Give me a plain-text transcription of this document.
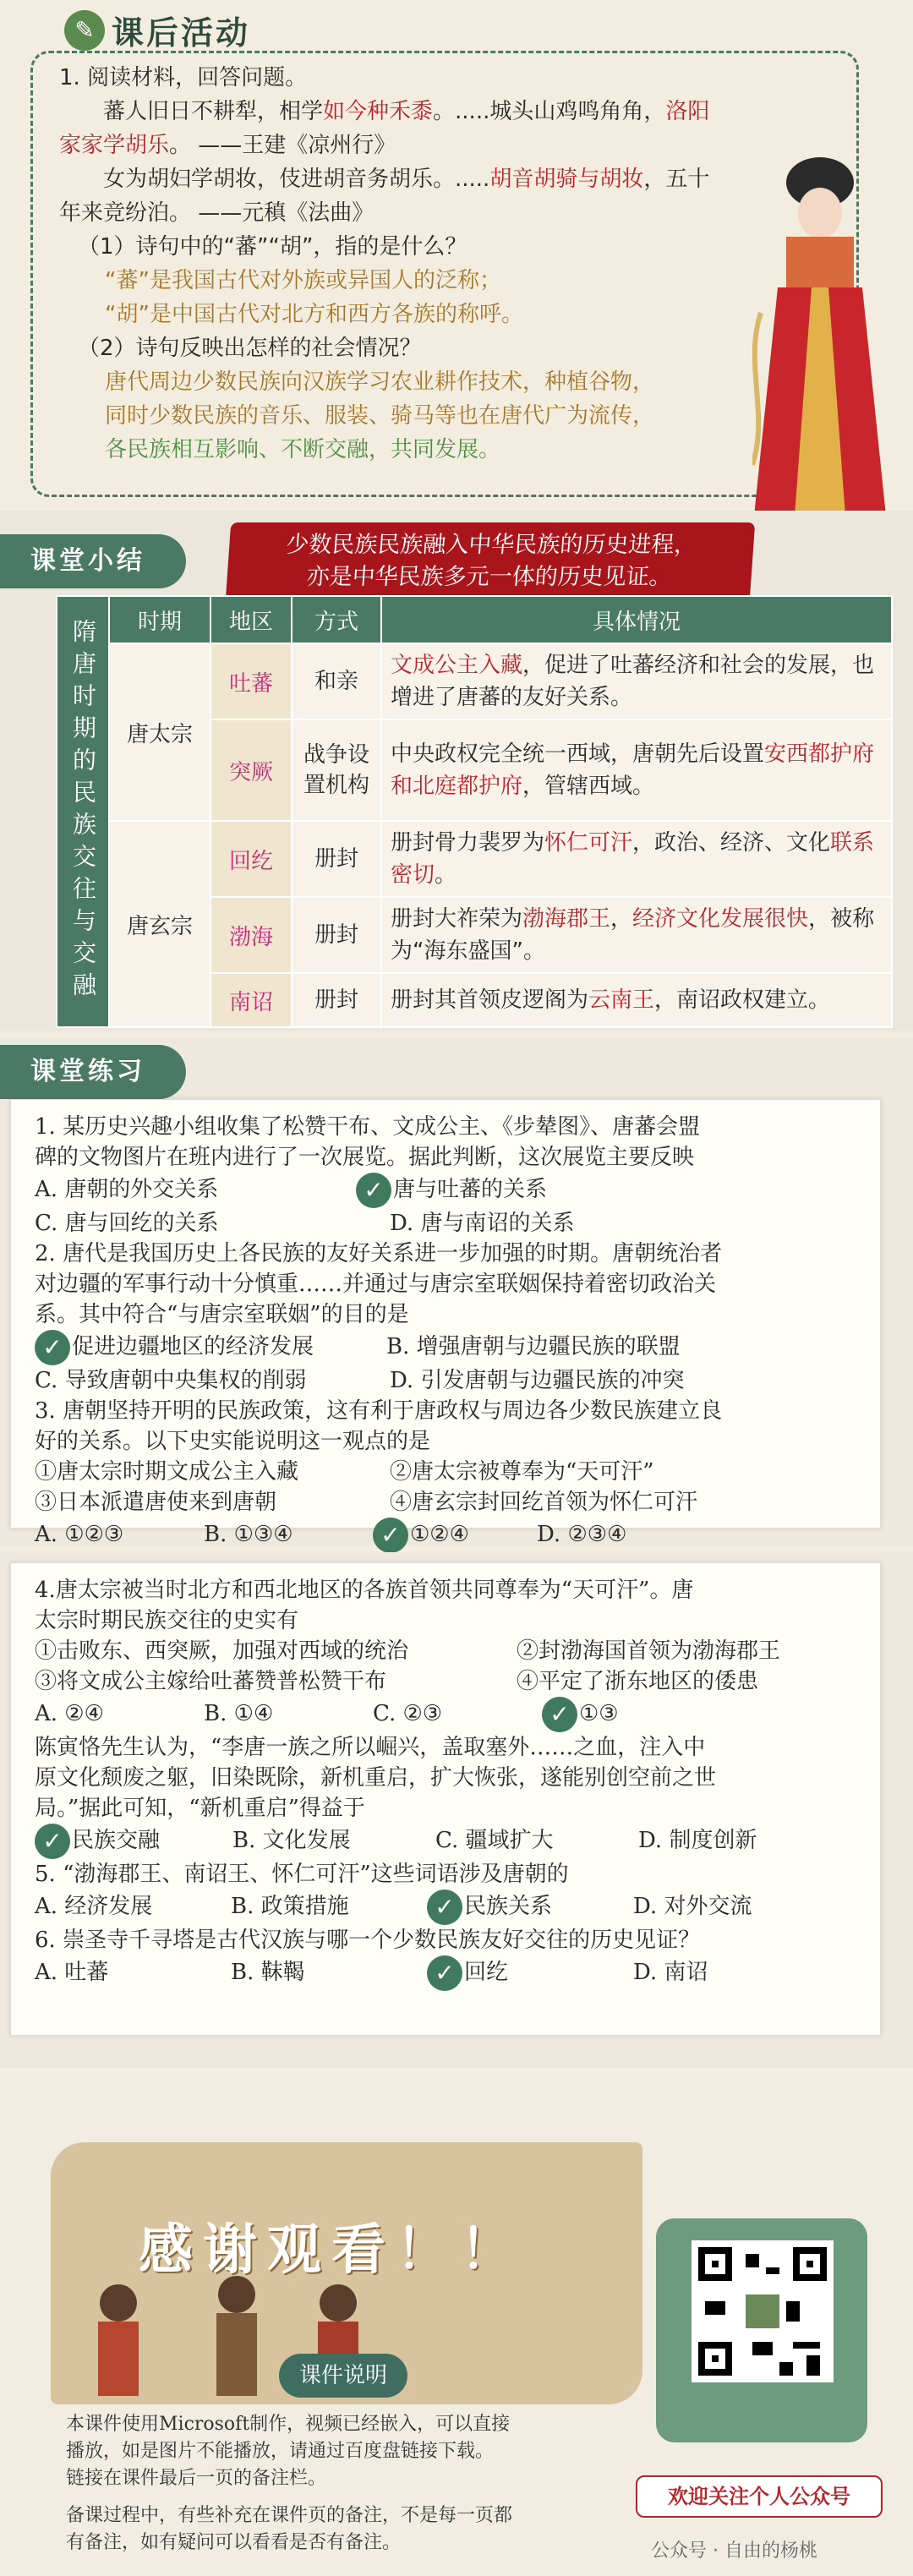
✎ 课后活动

1. 阅读材料，回答问题。

蕃人旧日不耕犁，相学如今种禾黍。.....城头山鸡鸣角角，洛阳

家家学胡乐。 ——王建《凉州行》

女为胡妇学胡妆，伎进胡音务胡乐。.....胡音胡骑与胡妆，五十

年来竞纷泊。 ——元稹《法曲》

（1）诗句中的“蕃”“胡”，指的是什么？

“蕃”是我国古代对外族或异国人的泛称；

“胡”是中国古代对北方和西方各族的称呼。

（2）诗句反映出怎样的社会情况？

唐代周边少数民族向汉族学习农业耕作技术，种植谷物，

同时少数民族的音乐、服装、骑马等也在唐代广为流传，

各民族相互影响、不断交融，共同发展。

课堂小结
少数民族民族融入中华民族的历史进程，
亦是中华民族多元一体的历史见证。
隋唐时期的民族交往与交融	时期	地区	方式	具体情况
	唐太宗	吐蕃	和亲	文成公主入藏，促进了吐蕃经济和社会的发展，也增进了唐蕃的友好关系。
		突厥	战争设置机构	中央政权完全统一西域，唐朝先后设置安西都护府和北庭都护府，管辖西域。
	唐玄宗	回纥	册封	册封骨力裴罗为怀仁可汗，政治、经济、文化联系密切。
		渤海	册封	册封大祚荣为渤海郡王，经济文化发展很快，被称为“海东盛国”。
		南诏	册封	册封其首领皮逻阁为云南王，南诏政权建立。
课堂练习

1. 某历史兴趣小组收集了松赞干布、文成公主、《步辇图》、唐蕃会盟

碑的文物图片在班内进行了一次展览。据此判断，这次展览主要反映

A. 唐朝的外交关系	✓ 唐与吐蕃的关系

C. 唐与回纥的关系	D. 唐与南诏的关系

2. 唐代是我国历史上各民族的友好关系进一步加强的时期。唐朝统治者

对边疆的军事行动十分慎重……并通过与唐宗室联姻保持着密切政治关

系。其中符合“与唐宗室联姻”的目的是

✓ 促进边疆地区的经济发展	B. 增强唐朝与边疆民族的联盟

C. 导致唐朝中央集权的削弱	D. 引发唐朝与边疆民族的冲突

3. 唐朝坚持开明的民族政策，这有利于唐政权与周边各少数民族建立良

好的关系。以下史实能说明这一观点的是

①唐太宗时期文成公主入藏	②唐太宗被尊奉为“天可汗”

③日本派遣唐使来到唐朝	④唐玄宗封回纥首领为怀仁可汗

A. ①②③	B. ①③④	✓ ①②④	D. ②③④

4.唐太宗被当时北方和西北地区的各族首领共同尊奉为“天可汗”。唐

太宗时期民族交往的史实有

①击败东、西突厥，加强对西域的统治	②封渤海国首领为渤海郡王

③将文成公主嫁给吐蕃赞普松赞干布	④平定了浙东地区的倭患

A. ②④	B. ①④	C. ②③	✓ ①③

陈寅恪先生认为，“李唐一族之所以崛兴，盖取塞外……之血，注入中

原文化颓废之躯，旧染既除，新机重启，扩大恢张，遂能别创空前之世

局。”据此可知，“新机重启”得益于

✓ 民族交融	B. 文化发展	C. 疆域扩大	D. 制度创新

5. “渤海郡王、南诏王、怀仁可汗”这些词语涉及唐朝的

A. 经济发展	B. 政策措施	✓ 民族关系	D. 对外交流

6. 崇圣寺千寻塔是古代汉族与哪一个少数民族友好交往的历史见证？

A. 吐蕃	B. 靺鞨	✓ 回纥	D. 南诏

感谢观看！！
课件说明
本课件使用Microsoft制作，视频已经嵌入，可以直接
播放，如是图片不能播放，请通过百度盘链接下载。
链接在课件最后一页的备注栏。
备课过程中，有些补充在课件页的备注，不是每一页都
有备注，如有疑问可以看看是否有备注。
欢迎关注个人公众号
公众号 · 自由的杨桃
